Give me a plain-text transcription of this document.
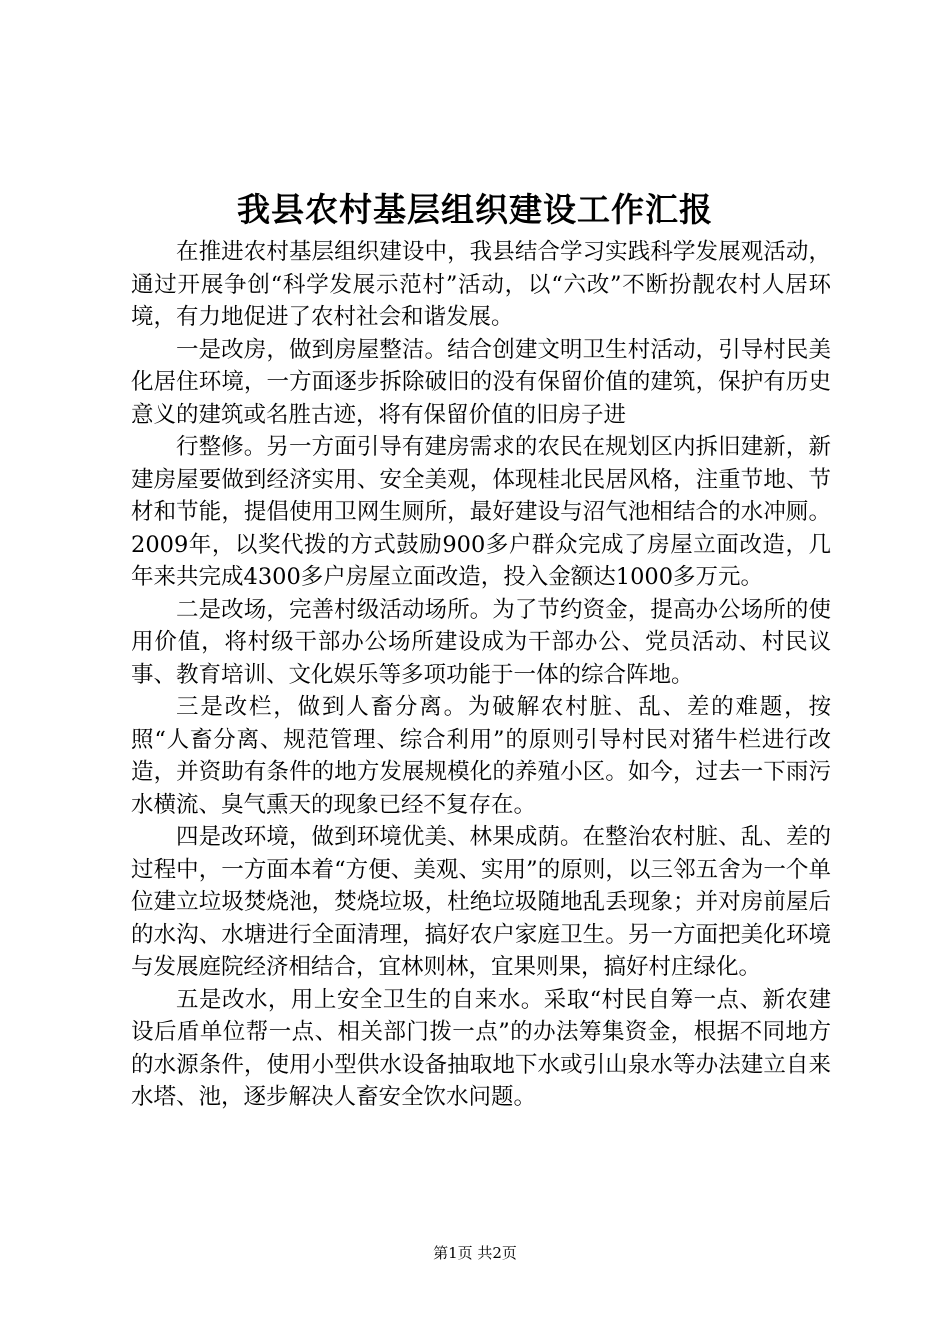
我县农村基层组织建设工作汇报

在推进农村基层组织建设中，我县结合学习实践科学发展观活动，通过开展争创“科学发展示范村”活动，以“六改”不断扮靓农村人居环境，有力地促进了农村社会和谐发展。

一是改房，做到房屋整洁。结合创建文明卫生村活动，引导村民美化居住环境，一方面逐步拆除破旧的没有保留价值的建筑，保护有历史意义的建筑或名胜古迹，将有保留价值的旧房子进

行整修。另一方面引导有建房需求的农民在规划区内拆旧建新，新建房屋要做到经济实用、安全美观，体现桂北民居风格，注重节地、节材和节能，提倡使用卫网生厕所，最好建设与沼气池相结合的水冲厕。2009年，以奖代拨的方式鼓励900多户群众完成了房屋立面改造，几年来共完成4300多户房屋立面改造，投入金额达1000多万元。

二是改场，完善村级活动场所。为了节约资金，提高办公场所的使用价值，将村级干部办公场所建设成为干部办公、党员活动、村民议事、教育培训、文化娱乐等多项功能于一体的综合阵地。

三是改栏，做到人畜分离。为破解农村脏、乱、差的难题，按照“人畜分离、规范管理、综合利用”的原则引导村民对猪牛栏进行改造，并资助有条件的地方发展规模化的养殖小区。如今，过去一下雨污水横流、臭气熏天的现象已经不复存在。

四是改环境，做到环境优美、林果成荫。在整治农村脏、乱、差的过程中，一方面本着“方便、美观、实用”的原则，以三邻五舍为一个单位建立垃圾焚烧池，焚烧垃圾，杜绝垃圾随地乱丢现象；并对房前屋后的水沟、水塘进行全面清理，搞好农户家庭卫生。另一方面把美化环境与发展庭院经济相结合，宜林则林，宜果则果，搞好村庄绿化。

五是改水，用上安全卫生的自来水。采取“村民自筹一点、新农建设后盾单位帮一点、相关部门拨一点”的办法筹集资金，根据不同地方的水源条件，使用小型供水设备抽取地下水或引山泉水等办法建立自来水塔、池，逐步解决人畜安全饮水问题。

第1页 共2页
